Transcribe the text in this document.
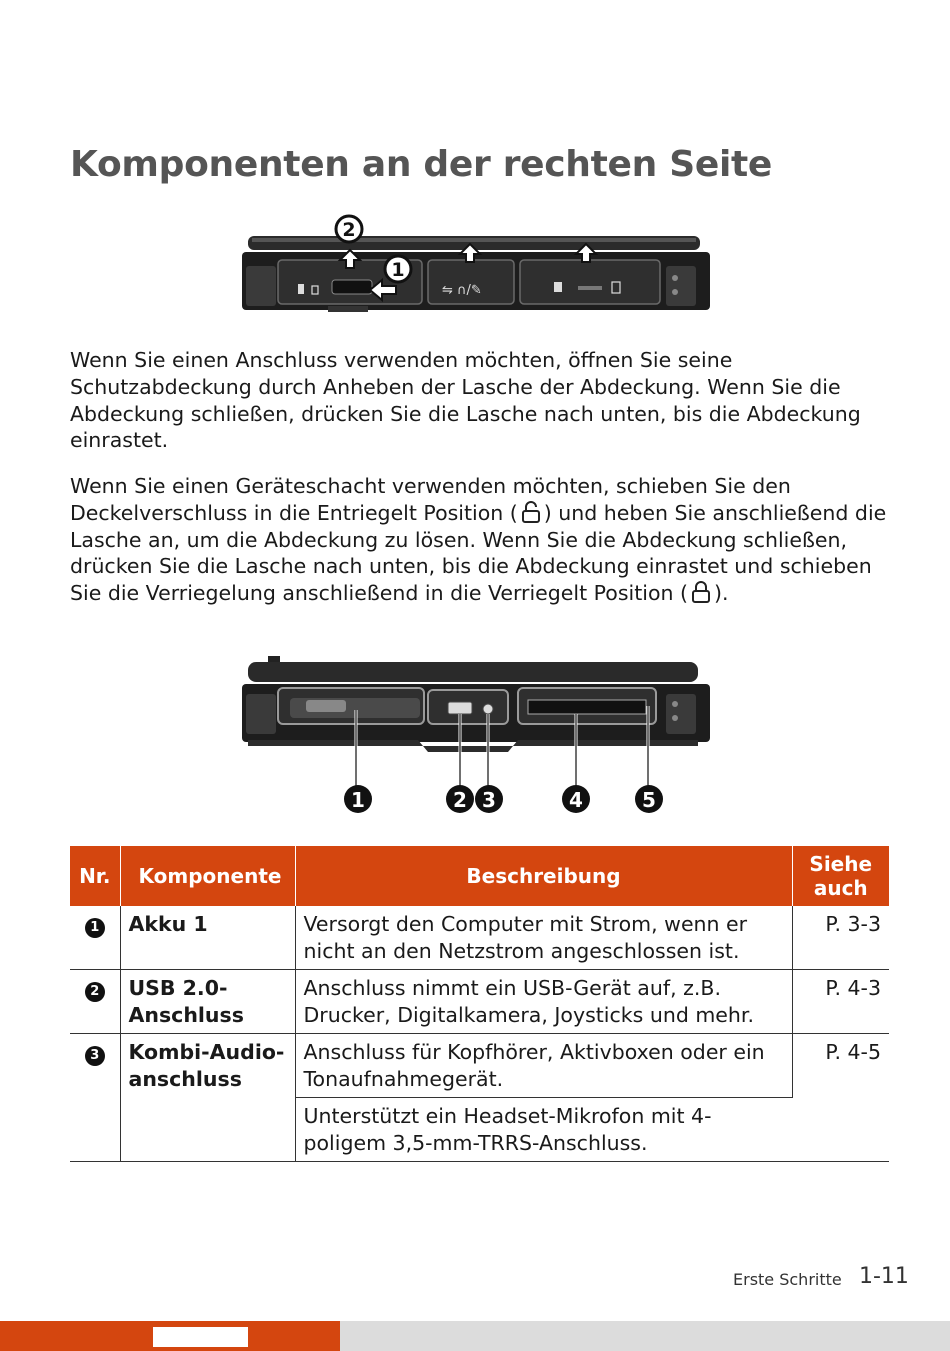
Komponenten an der rechten Seite
⇋ ∩/✎
2
1

Wenn Sie einen Anschluss verwenden möchten, öffnen Sie seine Schutzabdeckung durch Anheben der Lasche der Abdeckung. Wenn Sie die Abdeckung schließen, drücken Sie die Lasche nach unten, bis die Abdeckung einrastet.

Wenn Sie einen Geräteschacht verwenden möchten, schieben Sie den Deckelverschluss in die Entriegelt Position ( ) und heben Sie anschließend die Lasche an, um die Abdeckung zu lösen. Wenn Sie die Abdeckung schließen, drücken Sie die Lasche nach unten, bis die Abdeckung einrastet und schieben Sie die Verriegelung anschließend in die Verriegelt Position ( ).

1	2 3	4	5
Nr.	Komponente	Beschreibung	Siehe auch
1	Akku 1	Versorgt den Computer mit Strom, wenn er nicht an den Netzstrom angeschlossen ist.	P. 3-3
2	USB 2.0-Anschluss	Anschluss nimmt ein USB-Gerät auf, z.B. Drucker, Digitalkamera, Joysticks und mehr.	P. 4-3
3	Kombi-Audio-anschluss	Anschluss für Kopfhörer, Aktivboxen oder ein Tonaufnahmegerät.	P. 4-5
		Unterstützt ein Headset-Mikrofon mit 4-poligem 3,5-mm-TRRS-Anschluss.	
Erste Schritte 1-11
